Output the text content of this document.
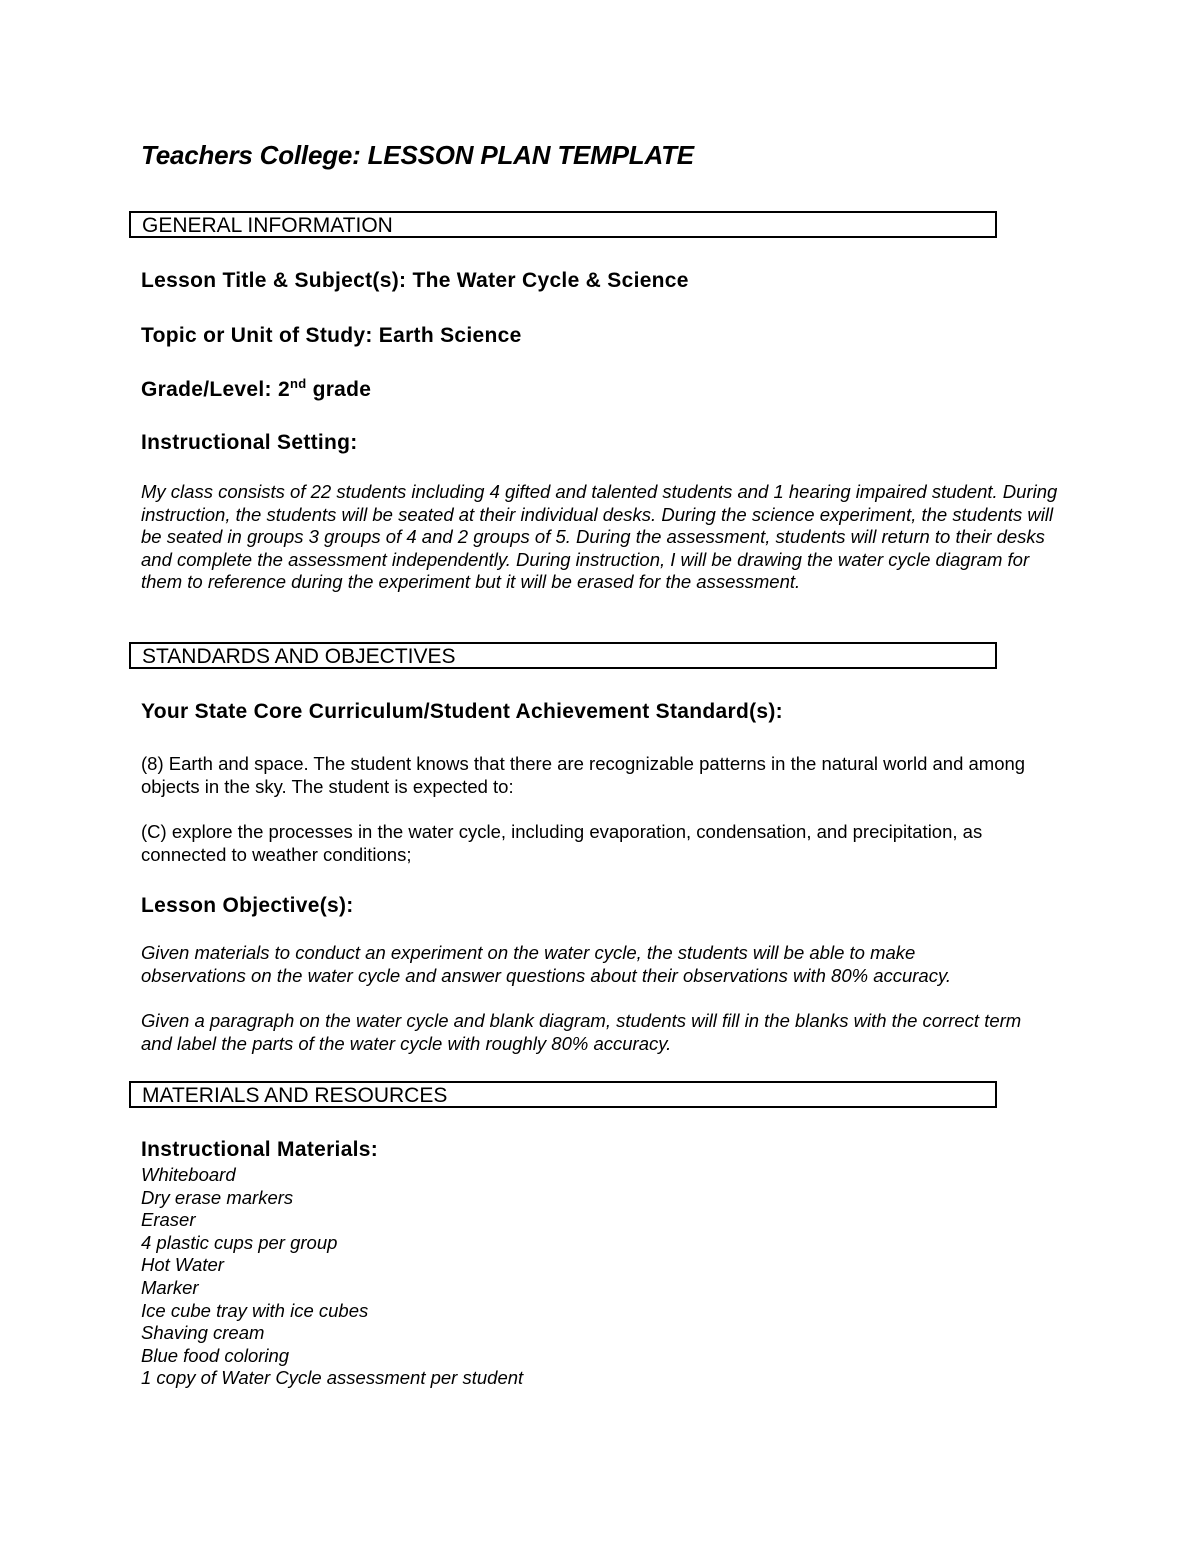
Teachers College: LESSON PLAN TEMPLATE
GENERAL INFORMATION
Lesson Title & Subject(s): The Water Cycle & Science
Topic or Unit of Study: Earth Science
Grade/Level: 2nd grade
Instructional Setting:

My class consists of 22 students including 4 gifted and talented students and 1 hearing impaired student. During instruction, the students will be seated at their individual desks. During the science experiment, the students will be seated in groups 3 groups of 4 and 2 groups of 5. During the assessment, students will return to their desks and complete the assessment independently. During instruction, I will be drawing the water cycle diagram for them to reference during the experiment but it will be erased for the assessment.

STANDARDS AND OBJECTIVES
Your State Core Curriculum/Student Achievement Standard(s):

(8) Earth and space. The student knows that there are recognizable patterns in the natural world and among objects in the sky. The student is expected to:

(C) explore the processes in the water cycle, including evaporation, condensation, and precipitation, as connected to weather conditions;

Lesson Objective(s):

Given materials to conduct an experiment on the water cycle, the students will be able to make observations on the water cycle and answer questions about their observations with 80% accuracy.

Given a paragraph on the water cycle and blank diagram, students will fill in the blanks with the correct term and label the parts of the water cycle with roughly 80% accuracy.

MATERIALS AND RESOURCES
Instructional Materials:
Whiteboard
Dry erase markers
Eraser
4 plastic cups per group
Hot Water
Marker
Ice cube tray with ice cubes
Shaving cream
Blue food coloring
1 copy of Water Cycle assessment per student
